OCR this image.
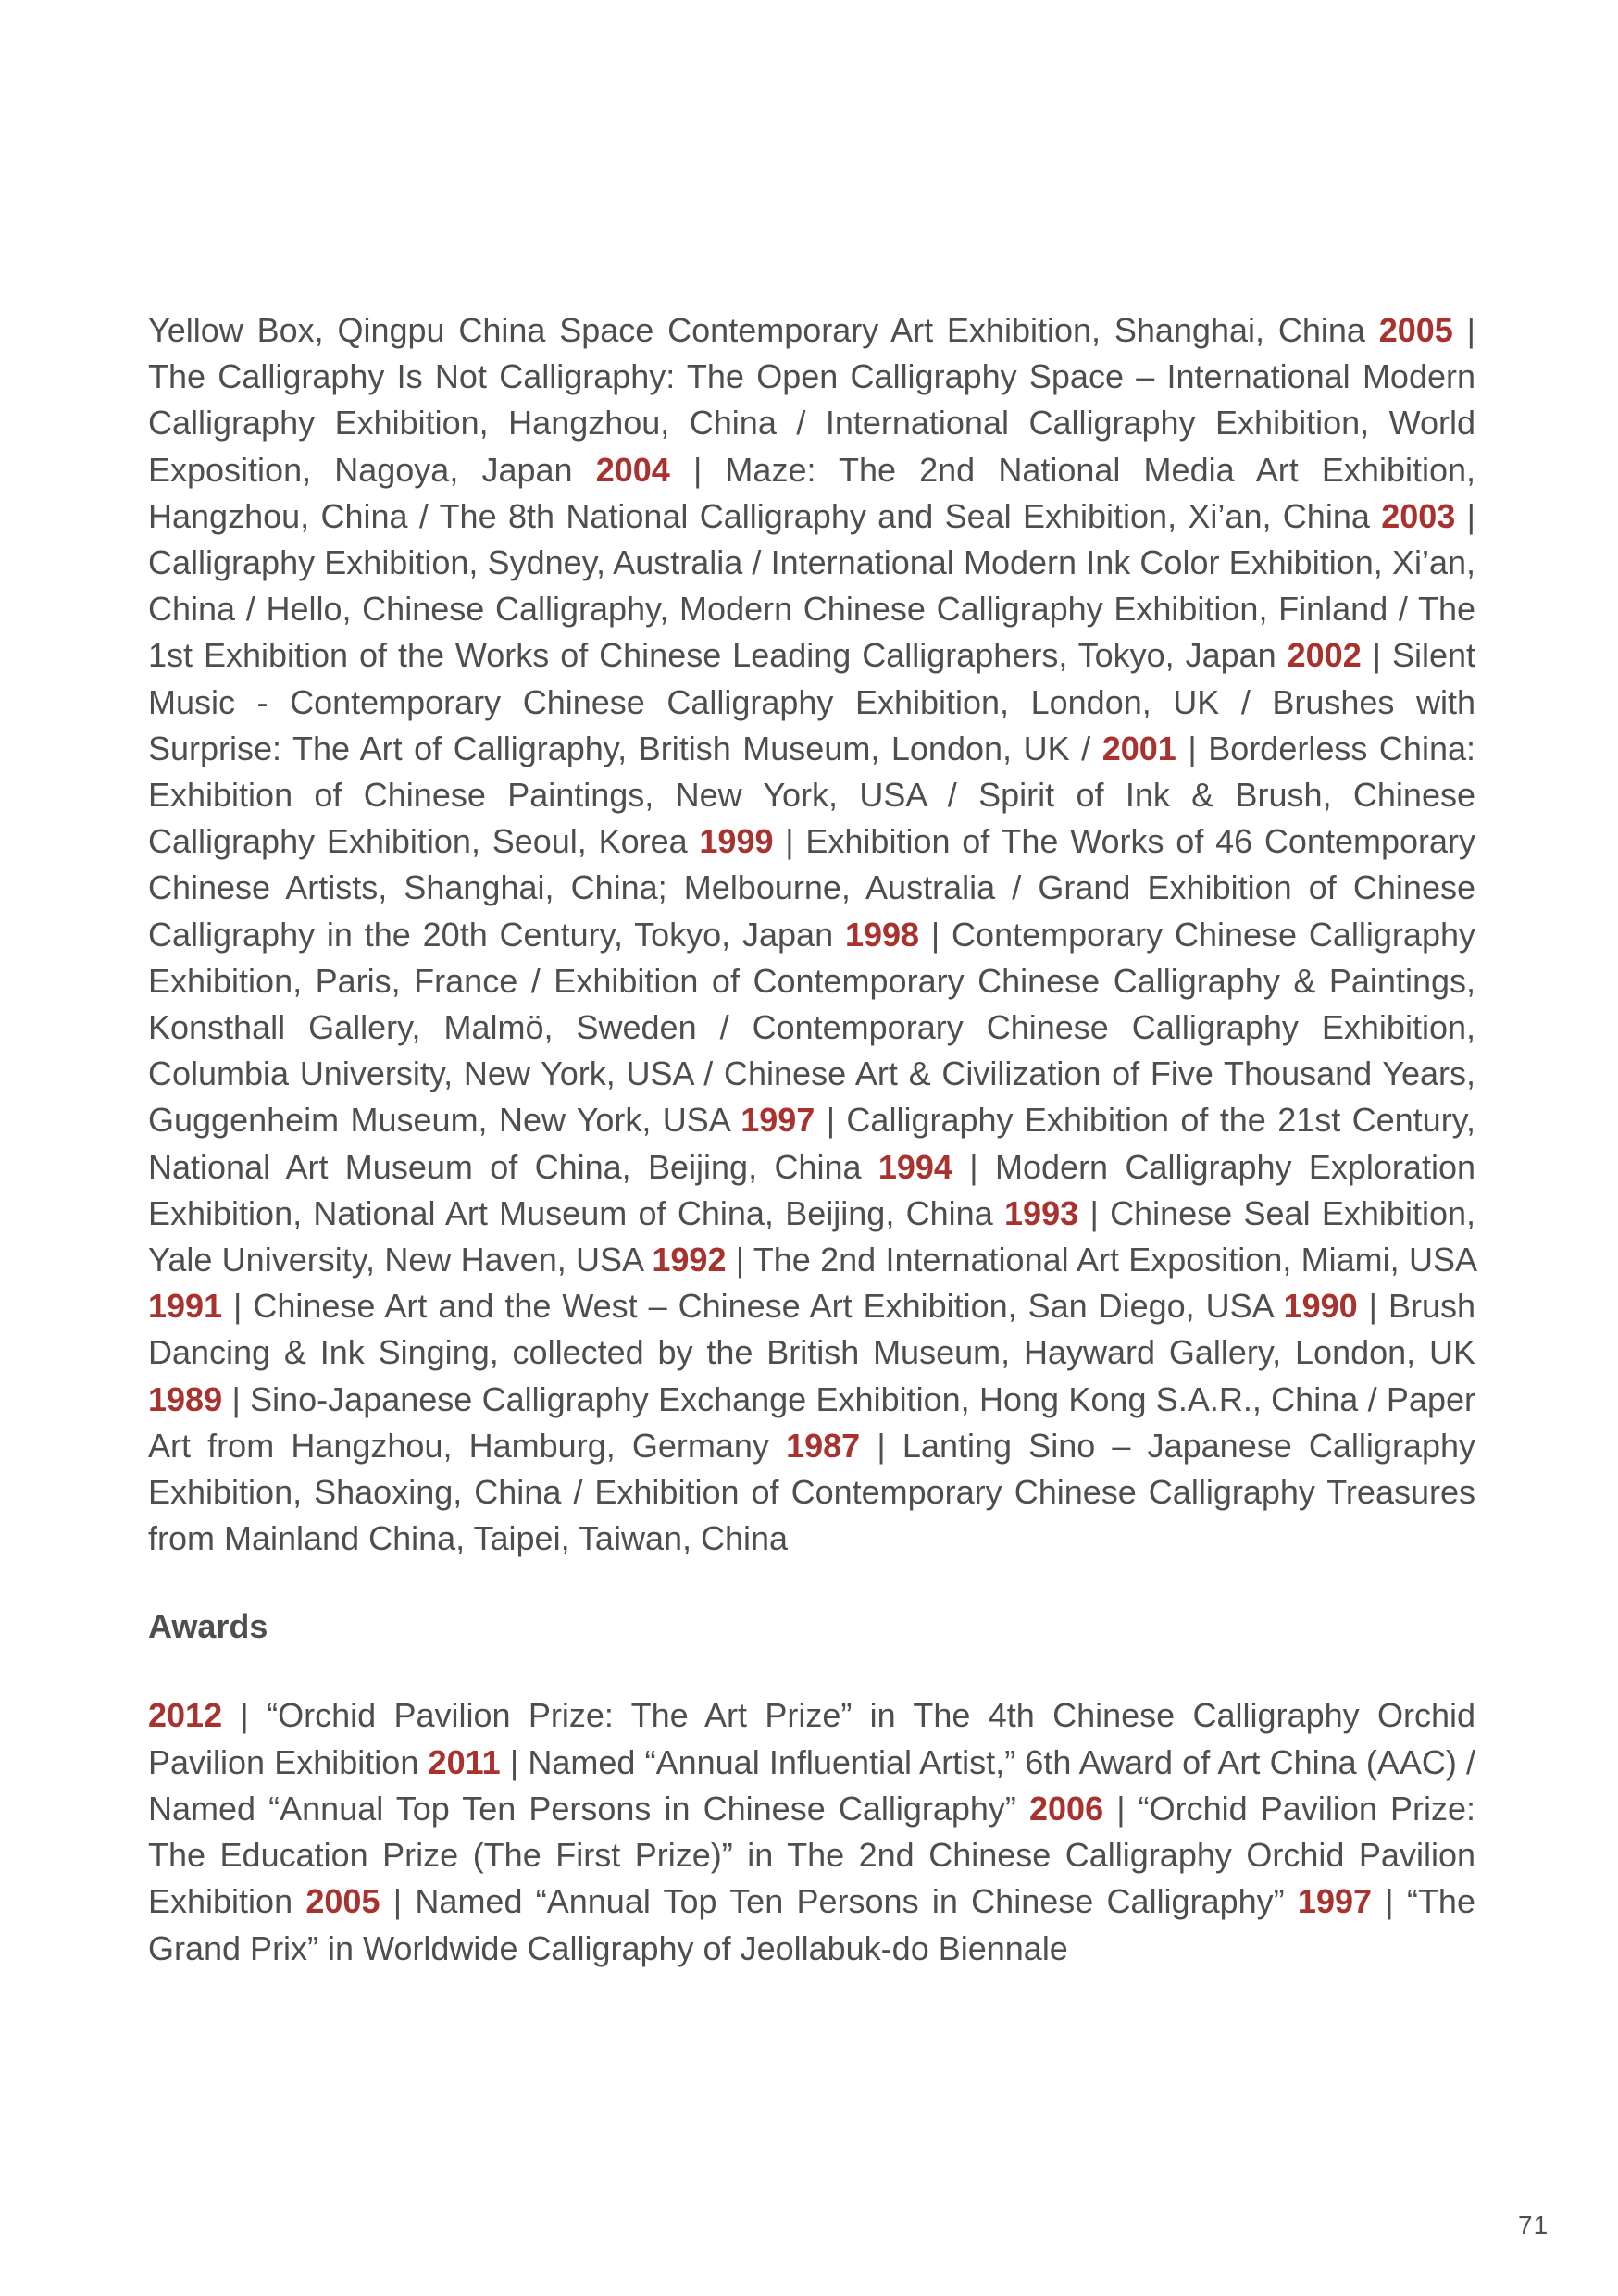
Yellow Box, Qingpu China Space Contemporary Art Exhibition, Shanghai, China 2005 | The Calligraphy Is Not Calligraphy: The Open Calligraphy Space – International Modern Calligraphy Exhibition, Hangzhou, China / International Calligraphy Exhibition, World Exposition, Nagoya, Japan 2004 | Maze: The 2nd National Media Art Exhibition, Hangzhou, China / The 8th National Calligraphy and Seal Exhibition, Xi’an, China 2003 | Calligraphy Exhibition, Sydney, Australia / International Modern Ink Color Exhibition, Xi’an, China / Hello, Chinese Calligraphy, Modern Chinese Calligraphy Exhibition, Finland / The 1st Exhibition of the Works of Chinese Leading Calligraphers, Tokyo, Japan 2002 | Silent Music - Contemporary Chinese Calligraphy Exhibition, London, UK / Brushes with Surprise: The Art of Calligraphy, British Museum, London, UK / 2001 | Borderless China: Exhibition of Chinese Paintings, New York, USA / Spirit of Ink & Brush, Chinese Calligraphy Exhibition, Seoul, Korea 1999 | Exhibition of The Works of 46 Contemporary Chinese Artists, Shanghai, China; Melbourne, Australia / Grand Exhibition of Chinese Calligraphy in the 20th Century, Tokyo, Japan 1998 | Contemporary Chinese Calligraphy Exhibition, Paris, France / Exhibition of Contemporary Chinese Calligraphy & Paintings, Konsthall Gallery, Malmö, Sweden / Contemporary Chinese Calligraphy Exhibition, Columbia University, New York, USA / Chinese Art & Civilization of Five Thousand Years, Guggenheim Museum, New York, USA 1997 | Calligraphy Exhibition of the 21st Century, National Art Museum of China, Beijing, China 1994 | Modern Calligraphy Exploration Exhibition, National Art Museum of China, Beijing, China 1993 | Chinese Seal Exhibition, Yale University, New Haven, USA 1992 | The 2nd International Art Exposition, Miami, USA 1991 | Chinese Art and the West – Chinese Art Exhibition, San Diego, USA 1990 | Brush Dancing & Ink Singing, collected by the British Museum, Hayward Gallery, London, UK 1989 | Sino-Japanese Calligraphy Exchange Exhibition, Hong Kong S.A.R., China / Paper Art from Hangzhou, Hamburg, Germany 1987 | Lanting Sino – Japanese Calligraphy Exhibition, Shaoxing, China / Exhibition of Contemporary Chinese Calligraphy Treasures from Mainland China, Taipei, Taiwan, China

Awards

2012 | “Orchid Pavilion Prize: The Art Prize” in The 4th Chinese Calligraphy Orchid Pavilion Exhibition 2011 | Named “Annual Influential Artist,” 6th Award of Art China (AAC) / Named “Annual Top Ten Persons in Chinese Calligraphy” 2006 | “Orchid Pavilion Prize: The Education Prize (The First Prize)” in The 2nd Chinese Calligraphy Orchid Pavilion Exhibition 2005 | Named “Annual Top Ten Persons in Chinese Calligraphy” 1997 | “The Grand Prix” in Worldwide Calligraphy of Jeollabuk-do Biennale

71
